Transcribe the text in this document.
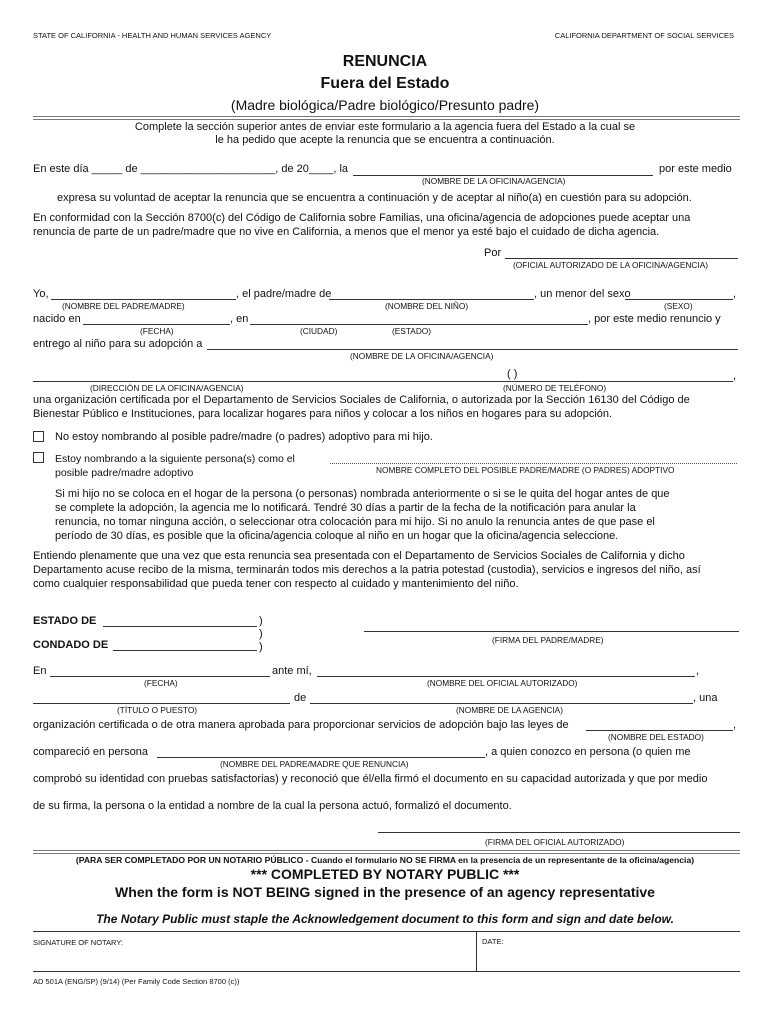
STATE OF CALIFORNIA - HEALTH AND HUMAN SERVICES AGENCY	CALIFORNIA DEPARTMENT OF SOCIAL SERVICES
RENUNCIA
Fuera del Estado
(Madre biológica/Padre biológico/Presunto padre)
Complete la sección superior antes de enviar este formulario a la agencia fuera del Estado a la cual se
le ha pedido que acepte la renuncia que se encuentra a continuación.
En este día _____ de ______________________, de 20____, la	por este medio
(NOMBRE DE LA OFICINA/AGENCIA)
expresa su voluntad de aceptar la renuncia que se encuentra a continuación y de aceptar al niño(a) en cuestión para su adopción.
En conformidad con la Sección 8700(c) del Código de California sobre Familias, una oficina/agencia de adopciones puede aceptar una
renuncia de parte de un padre/madre que no vive en California, a menos que el menor ya esté bajo el cuidado de dicha agencia.
Por
(OFICIAL AUTORIZADO DE LA OFICINA/AGENCIA)
Yo,	, el padre/madre de	, un menor del sexo	,
(NOMBRE DEL PADRE/MADRE)	(NOMBRE DEL NIÑO)	(SEXO)
nacido en	, en	, por este medio renuncio y
(FECHA)	(CIUDAD)	(ESTADO)
entrego al niño para su adopción a
(NOMBRE DE LA OFICINA/AGENCIA)
( )	,
(DIRECCIÓN DE LA OFICINA/AGENCIA)	(NÚMERO DE TELÉFONO)
una organización certificada por el Departamento de Servicios Sociales de California, o autorizada por la Sección 16130 del Código de
Bienestar Público e Instituciones, para localizar hogares para niños y colocar a los niños en hogares para su adopción.
No estoy nombrando al posible padre/madre (o padres) adoptivo para mi hijo.
Estoy nombrando a la siguiente persona(s) como el
posible padre/madre adoptivo	NOMBRE COMPLETO DEL POSIBLE PADRE/MADRE (O PADRES) ADOPTIVO
Si mi hijo no se coloca en el hogar de la persona (o personas) nombrada anteriormente o si se le quita del hogar antes de que
se complete la adopción, la agencia me lo notificará. Tendré 30 días a partir de la fecha de la notificación para anular la
renuncia, no tomar ninguna acción, o seleccionar otra colocación para mi hijo. Si no anulo la renuncia antes de que pase el
período de 30 días, es posible que la oficina/agencia coloque al niño en un hogar que la oficina/agencia seleccione.
Entiendo plenamente que una vez que esta renuncia sea presentada con el Departamento de Servicios Sociales de California y dicho
Departamento acuse recibo de la misma, terminarán todos mis derechos a la patria potestad (custodia), servicios e ingresos del niño, así
como cualquier responsabilidad que pueda tener con respecto al cuidado y mantenimiento del niño.
ESTADO DE	)
)
CONDADO DE	)
(FIRMA DEL PADRE/MADRE)
En	ante mí,	,
(FECHA)	(NOMBRE DEL OFICIAL AUTORIZADO)
de	, una
(TÍTULO O PUESTO)	(NOMBRE DE LA AGENCIA)
organización certificada o de otra manera aprobada para proporcionar servicios de adopción bajo las leyes de	,
(NOMBRE DEL ESTADO)
compareció en persona	, a quien conozco en persona (o quien me
(NOMBRE DEL PADRE/MADRE QUE RENUNCIA)
comprobó su identidad con pruebas satisfactorias) y reconoció que él/ella firmó el documento en su capacidad autorizada y que por medio
de su firma, la persona o la entidad a nombre de la cual la persona actuó, formalizó el documento.
(FIRMA DEL OFICIAL AUTORIZADO)
(PARA SER COMPLETADO POR UN NOTARIO PÚBLICO - Cuando el formulario NO SE FIRMA en la presencia de un representante de la oficina/agencia)
*** COMPLETED BY NOTARY PUBLIC ***
When the form is NOT BEING signed in the presence of an agency representative
The Notary Public must staple the Acknowledgement document to this form and sign and date below.
SIGNATURE OF NOTARY:	DATE:
AD 501A (ENG/SP) (9/14) (Per Family Code Section 8700 (c))
